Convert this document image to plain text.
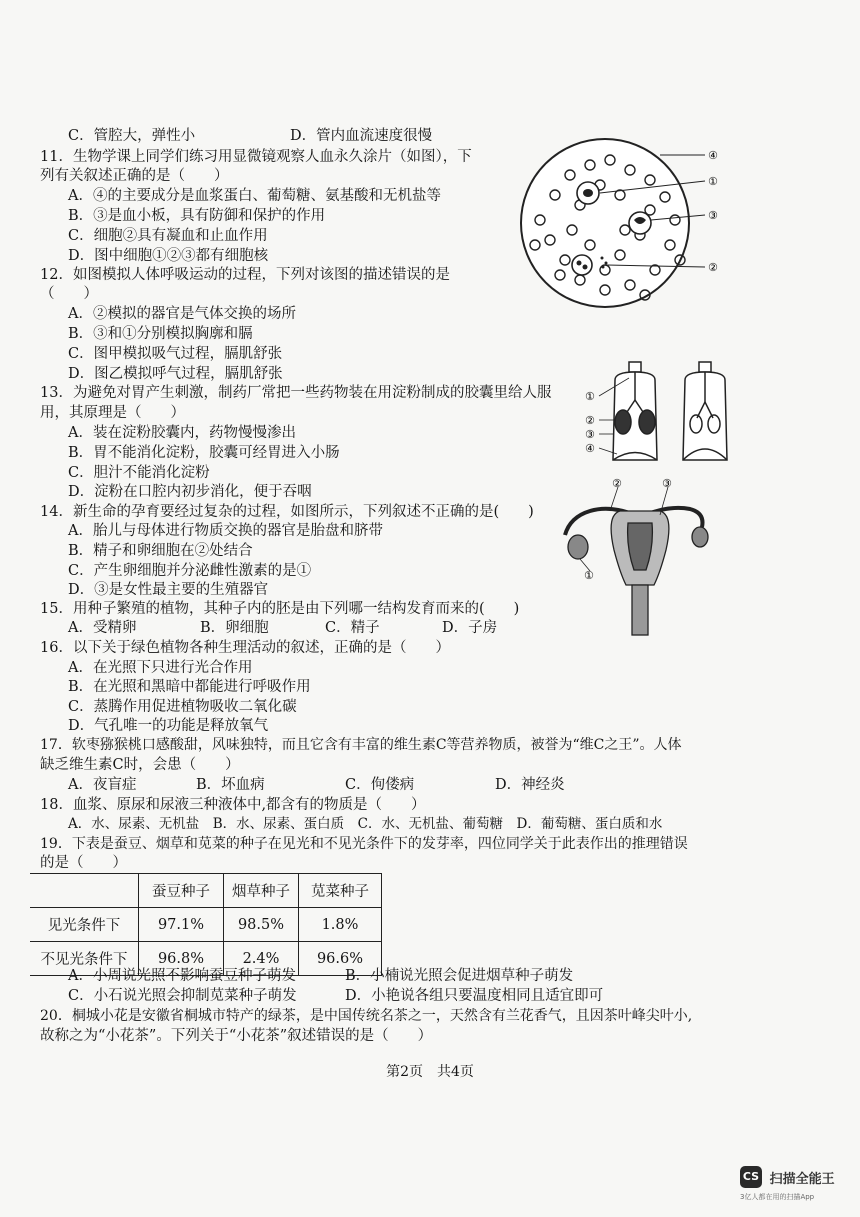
C．管腔大，弹性小	D．管内血流速度很慢
11．生物学课上同学们练习用显微镜观察人血永久涂片（如图），下
列有关叙述正确的是（　　）
A．④的主要成分是血浆蛋白、葡萄糖、氨基酸和无机盐等
B．③是血小板，具有防御和保护的作用
C．细胞②具有凝血和止血作用
D．图中细胞①②③都有细胞核
④
①
③
②
12．如图模拟人体呼吸运动的过程，下列对该图的描述错误的是
（　　）
A．②模拟的器官是气体交换的场所
B．③和①分别模拟胸廓和膈
C．图甲模拟吸气过程，膈肌舒张
D．图乙模拟呼气过程，膈肌舒张
①
②
③
④
13．为避免对胃产生刺激，制药厂常把一些药物装在用淀粉制成的胶囊里给人服
用，其原理是（　　）
A．装在淀粉胶囊内，药物慢慢渗出
B．胃不能消化淀粉，胶囊可经胃进入小肠
C．胆汁不能消化淀粉
D．淀粉在口腔内初步消化，便于吞咽
14．新生命的孕育要经过复杂的过程，如图所示，下列叙述不正确的是(　　)
A．胎儿与母体进行物质交换的器官是胎盘和脐带
B．精子和卵细胞在②处结合
C．产生卵细胞并分泌雌性激素的是①
D．③是女性最主要的生殖器官
②	③
①
15．用种子繁殖的植物，其种子内的胚是由下列哪一结构发育而来的(　　)
A．受精卵	B．卵细胞	C．精子	D．子房
16．以下关于绿色植物各种生理活动的叙述，正确的是（　　）
A．在光照下只进行光合作用
B．在光照和黑暗中都能进行呼吸作用
C．蒸腾作用促进植物吸收二氧化碳
D．气孔唯一的功能是释放氧气
17．软枣猕猴桃口感酸甜，风味独特，而且它含有丰富的维生素C等营养物质，被誉为“维C之王”。人体
缺乏维生素C时，会患（　　）
A．夜盲症	B．坏血病	C．佝偻病	D．神经炎
18．血浆、原尿和尿液三种液体中,都含有的物质是（　　）
A．水、尿素、无机盐　B．水、尿素、蛋白质　C．水、无机盐、葡萄糖　D．葡萄糖、蛋白质和水
19．下表是蚕豆、烟草和苋菜的种子在见光和不见光条件下的发芽率，四位同学关于此表作出的推理错误
的是（　　）
	蚕豆种子	烟草种子	苋菜种子
见光条件下	97.1%	98.5%	1.8%
不见光条件下	96.8%	2.4%	96.6%
A．小周说光照不影响蚕豆种子萌发	B．小楠说光照会促进烟草种子萌发
C．小石说光照会抑制苋菜种子萌发	D．小艳说各组只要温度相同且适宜即可
20．桐城小花是安徽省桐城市特产的绿茶，是中国传统名茶之一，天然含有兰花香气，且因茶叶峰尖叶小,
故称之为“小花茶”。下列关于“小花茶”叙述错误的是（　　）
第2页　共4页
CS 扫描全能王
3亿人都在用的扫描App
